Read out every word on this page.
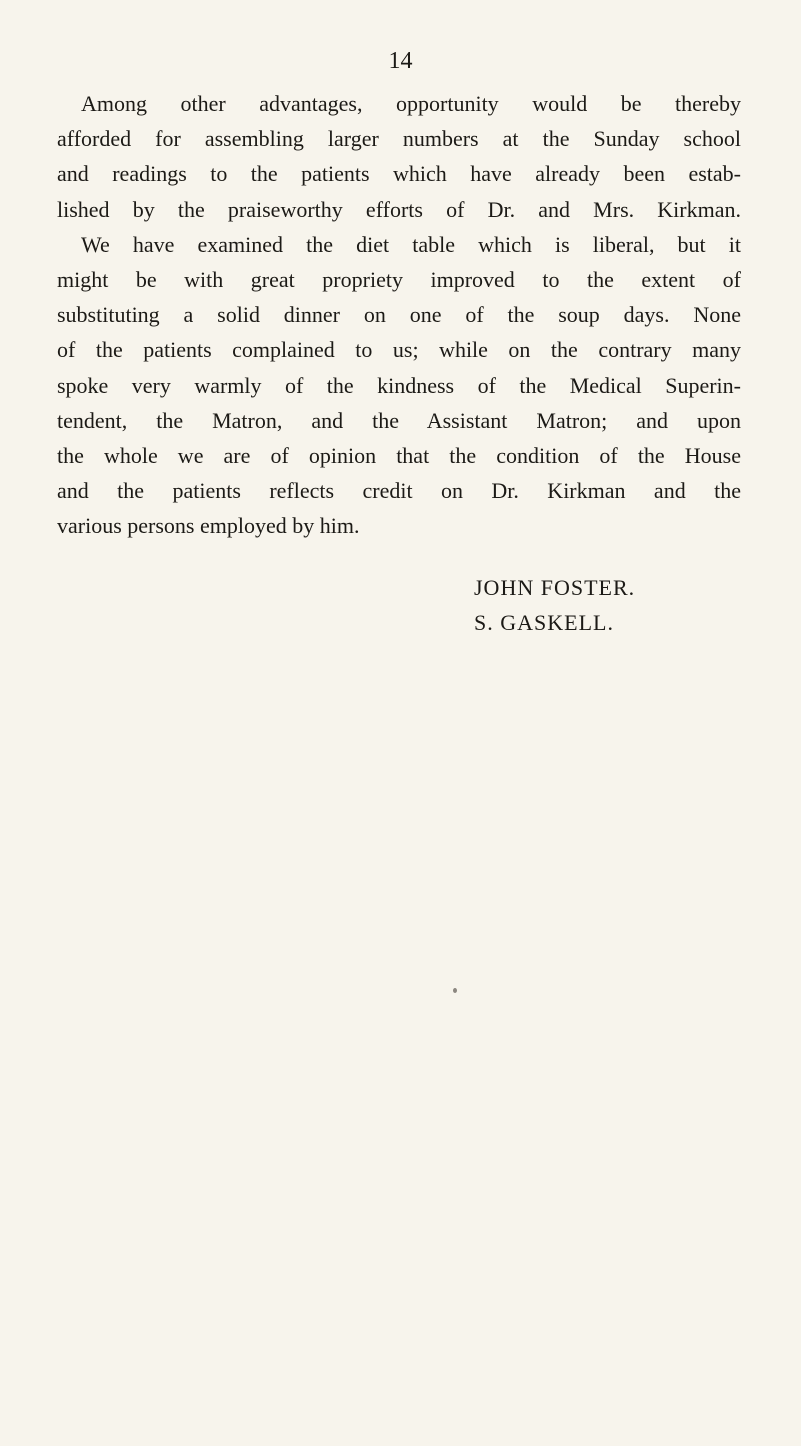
14
Among other advantages, opportunity would be thereby
afforded for assembling larger numbers at the Sunday school
and readings to the patients which have already been estab-
lished by the praiseworthy efforts of Dr. and Mrs. Kirkman.
We have examined the diet table which is liberal, but it
might be with great propriety improved to the extent of
substituting a solid dinner on one of the soup days. None
of the patients complained to us; while on the contrary many
spoke very warmly of the kindness of the Medical Superin-
tendent, the Matron, and the Assistant Matron; and upon
the whole we are of opinion that the condition of the House
and the patients reflects credit on Dr. Kirkman and the
various persons employed by him.
JOHN FOSTER.
S. GASKELL.
